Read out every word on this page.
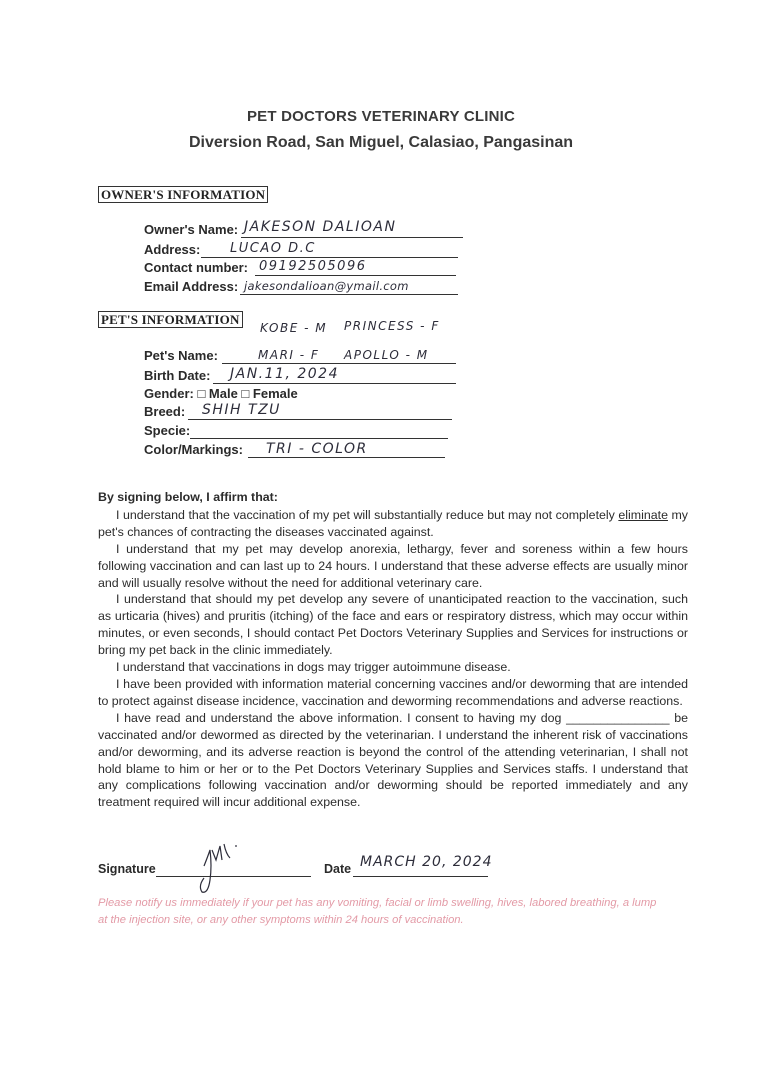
PET DOCTORS VETERINARY CLINIC
Diversion Road, San Miguel, Calasiao, Pangasinan
OWNER'S INFORMATION
Owner's Name: JAKESON DALIOAN
Address: LUCAO D.C
Contact number: 09192505096
Email Address: jakesondalioan@ymail.com
PET'S INFORMATION
KOBE - M PRINCESS - F
Pet's Name:	MARI - F APOLLO - M
Birth Date: JAN.11, 2024
Gender: □ Male □ Female
Breed: SHIH TZU
Specie:
Color/Markings: TRI - COLOR
By signing below, I affirm that:

I understand that the vaccination of my pet will substantially reduce but may not completely eliminate my pet's chances of contracting the diseases vaccinated against.

I understand that my pet may develop anorexia, lethargy, fever and soreness within a few hours following vaccination and can last up to 24 hours. I understand that these adverse effects are usually minor and will usually resolve without the need for additional veterinary care.

I understand that should my pet develop any severe of unanticipated reaction to the vaccination, such as urticaria (hives) and pruritis (itching) of the face and ears or respiratory distress, which may occur within minutes, or even seconds, I should contact Pet Doctors Veterinary Supplies and Services for instructions or bring my pet back in the clinic immediately.

I understand that vaccinations in dogs may trigger autoimmune disease.

I have been provided with information material concerning vaccines and/or deworming that are intended to protect against disease incidence, vaccination and deworming recommendations and adverse reactions.

I have read and understand the above information. I consent to having my dog _______________ be vaccinated and/or dewormed as directed by the veterinarian. I understand the inherent risk of vaccinations and/or deworming, and its adverse reaction is beyond the control of the attending veterinarian, I shall not hold blame to him or her or to the Pet Doctors Veterinary Supplies and Services staffs. I understand that any complications following vaccination and/or deworming should be reported immediately and any treatment required will incur additional expense.

Signature	Date MARCH 20, 2024
Please notify us immediately if your pet has any vomiting, facial or limb swelling, hives, labored breathing, a lump at the injection site, or any other symptoms within 24 hours of vaccination.
